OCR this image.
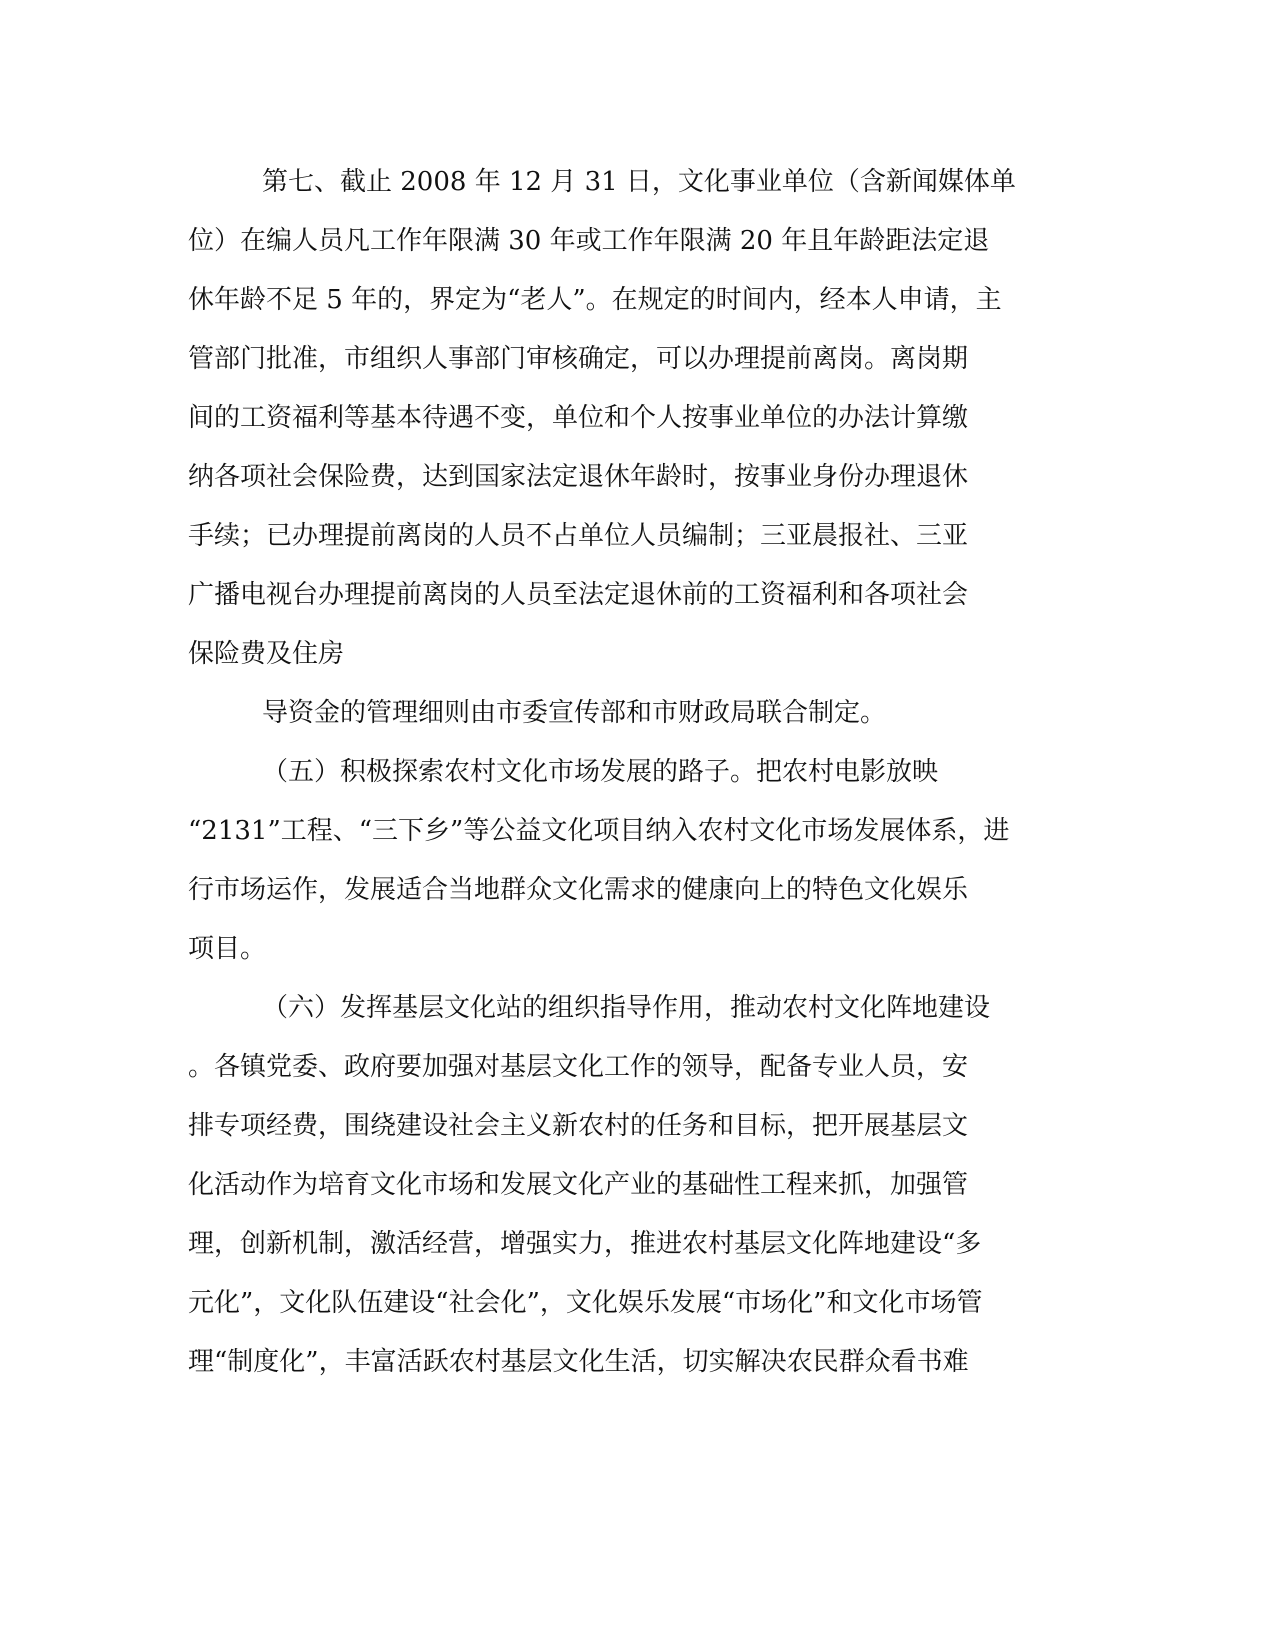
第七、截止 2008 年 12 月 31 日，文化事业单位（含新闻媒体单
位）在编人员凡工作年限满 30 年或工作年限满 20 年且年龄距法定退
休年龄不足 5 年的，界定为“老人”。在规定的时间内，经本人申请，主
管部门批准，市组织人事部门审核确定，可以办理提前离岗。离岗期
间的工资福利等基本待遇不变，单位和个人按事业单位的办法计算缴
纳各项社会保险费，达到国家法定退休年龄时，按事业身份办理退休
手续；已办理提前离岗的人员不占单位人员编制；三亚晨报社、三亚
广播电视台办理提前离岗的人员至法定退休前的工资福利和各项社会
保险费及住房
导资金的管理细则由市委宣传部和市财政局联合制定。
（五）积极探索农村文化市场发展的路子。把农村电影放映
“2131”工程、“三下乡”等公益文化项目纳入农村文化市场发展体系，进
行市场运作，发展适合当地群众文化需求的健康向上的特色文化娱乐
项目。
（六）发挥基层文化站的组织指导作用，推动农村文化阵地建设
。各镇党委、政府要加强对基层文化工作的领导，配备专业人员，安
排专项经费，围绕建设社会主义新农村的任务和目标，把开展基层文
化活动作为培育文化市场和发展文化产业的基础性工程来抓，加强管
理，创新机制，激活经营，增强实力，推进农村基层文化阵地建设“多
元化”，文化队伍建设“社会化”，文化娱乐发展“市场化”和文化市场管
理“制度化”，丰富活跃农村基层文化生活，切实解决农民群众看书难
